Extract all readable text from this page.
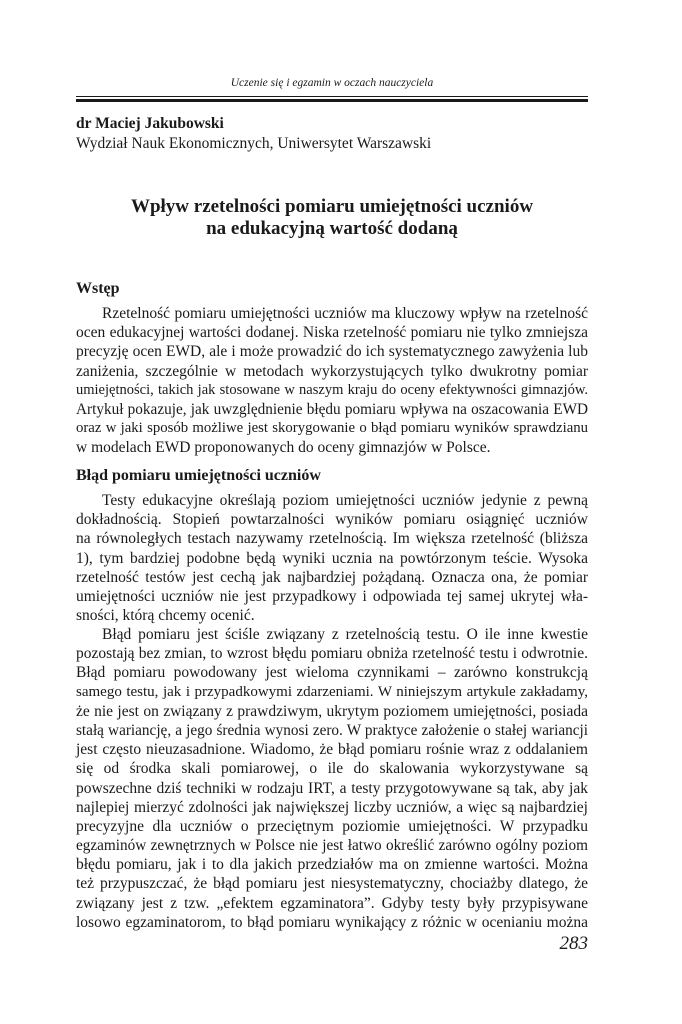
Uczenie się i egzamin w oczach nauczyciela
dr Maciej Jakubowski
Wydział Nauk Ekonomicznych, Uniwersytet Warszawski
Wpływ rzetelności pomiaru umiejętności uczniów
na edukacyjną wartość dodaną
Wstęp
Rzetelność pomiaru umiejętności uczniów ma kluczowy wpływ na rzetelność
ocen edukacyjnej wartości dodanej. Niska rzetelność pomiaru nie tylko zmniejsza
precyzję ocen EWD, ale i może prowadzić do ich systematycznego zawyżenia lub
zaniżenia, szczególnie w metodach wykorzystujących tylko dwukrotny pomiar
umiejętności, takich jak stosowane w naszym kraju do oceny efektywności gimnazjów.
Artykuł pokazuje, jak uwzględnienie błędu pomiaru wpływa na oszacowania EWD
oraz w jaki sposób możliwe jest skorygowanie o błąd pomiaru wyników sprawdzianu
w modelach EWD proponowanych do oceny gimnazjów w Polsce.
Błąd pomiaru umiejętności uczniów
Testy edukacyjne określają poziom umiejętności uczniów jedynie z pewną
dokładnością. Stopień powtarzalności wyników pomiaru osiągnięć uczniów
na równoległych testach nazywamy rzetelnością. Im większa rzetelność (bliższa
1), tym bardziej podobne będą wyniki ucznia na powtórzonym teście. Wysoka
rzetelność testów jest cechą jak najbardziej pożądaną. Oznacza ona, że pomiar
umiejętności uczniów nie jest przypadkowy i odpowiada tej samej ukrytej wła-
sności, którą chcemy ocenić.
Błąd pomiaru jest ściśle związany z rzetelnością testu. O ile inne kwestie
pozostają bez zmian, to wzrost błędu pomiaru obniża rzetelność testu i odwrotnie.
Błąd pomiaru powodowany jest wieloma czynnikami – zarówno konstrukcją
samego testu, jak i przypadkowymi zdarzeniami. W niniejszym artykule zakładamy,
że nie jest on związany z prawdziwym, ukrytym poziomem umiejętności, posiada
stałą wariancję, a jego średnia wynosi zero. W praktyce założenie o stałej wariancji
jest często nieuzasadnione. Wiadomo, że błąd pomiaru rośnie wraz z oddalaniem
się od środka skali pomiarowej, o ile do skalowania wykorzystywane są
powszechne dziś techniki w rodzaju IRT, a testy przygotowywane są tak, aby jak
najlepiej mierzyć zdolności jak największej liczby uczniów, a więc są najbardziej
precyzyjne dla uczniów o przeciętnym poziomie umiejętności. W przypadku
egzaminów zewnętrznych w Polsce nie jest łatwo określić zarówno ogólny poziom
błędu pomiaru, jak i to dla jakich przedziałów ma on zmienne wartości. Można
też przypuszczać, że błąd pomiaru jest niesystematyczny, chociażby dlatego, że
związany jest z tzw. „efektem egzaminatora”. Gdyby testy były przypisywane
losowo egzaminatorom, to błąd pomiaru wynikający z różnic w ocenianiu można
283
